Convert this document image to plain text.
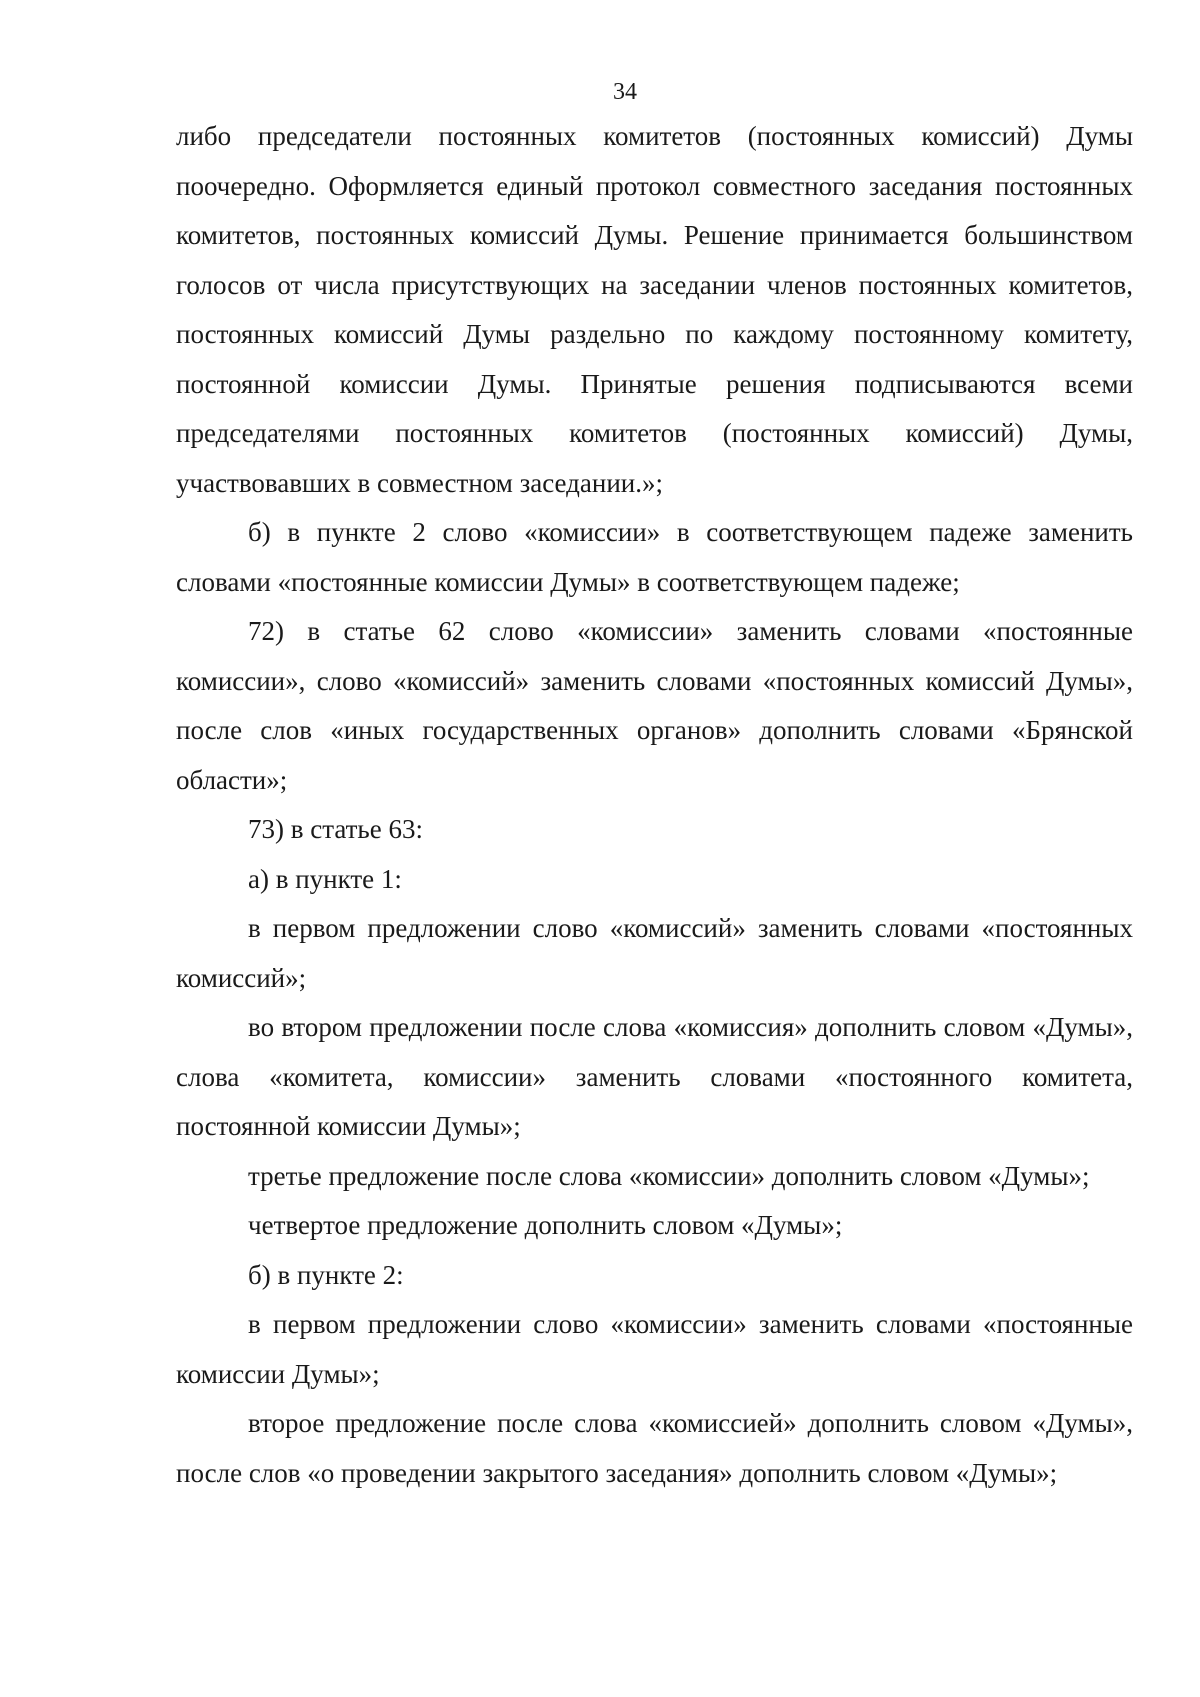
34

либо председатели постоянных комитетов (постоянных комиссий) Думы поочередно. Оформляется единый протокол совместного заседания постоянных комитетов, постоянных комиссий Думы. Решение принимается большинством голосов от числа присутствующих на заседании членов постоянных комитетов, постоянных комиссий Думы раздельно по каждому постоянному комитету, постоянной комиссии Думы. Принятые решения подписываются всеми председателями постоянных комитетов (постоянных комиссий) Думы, участвовавших в совместном заседании.»;

б) в пункте 2 слово «комиссии» в соответствующем падеже заменить словами «постоянные комиссии Думы» в соответствующем падеже;

72) в статье 62 слово «комиссии» заменить словами «постоянные комиссии», слово «комиссий» заменить словами «постоянных комиссий Думы», после слов «иных государственных органов» дополнить словами «Брянской области»;

73) в статье 63:

а) в пункте 1:

в первом предложении слово «комиссий» заменить словами «постоянных комиссий»;

во втором предложении после слова «комиссия» дополнить словом «Думы», слова «комитета, комиссии» заменить словами «постоянного комитета, постоянной комиссии Думы»;

третье предложение после слова «комиссии» дополнить словом «Думы»;

четвертое предложение дополнить словом «Думы»;

б) в пункте 2:

в первом предложении слово «комиссии» заменить словами «постоянные комиссии Думы»;

второе предложение после слова «комиссией» дополнить словом «Думы», после слов «о проведении закрытого заседания» дополнить словом «Думы»;
